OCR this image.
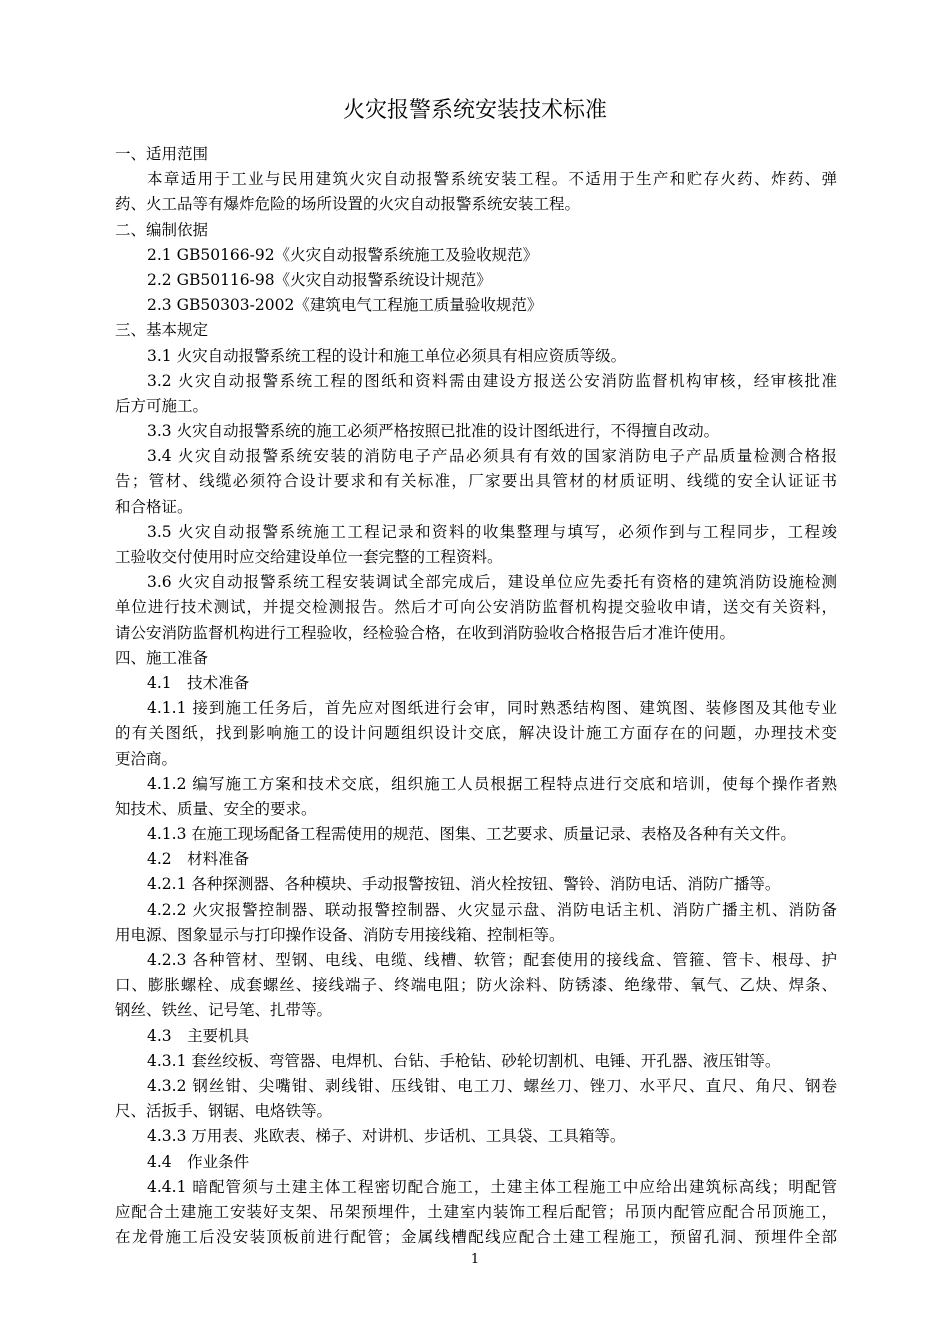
火灾报警系统安装技术标准
一、适用范围
本章适用于工业与民用建筑火灾自动报警系统安装工程。不适用于生产和贮存火药、炸药、弹
药、火工品等有爆炸危险的场所设置的火灾自动报警系统安装工程。
二、编制依据
2.1 GB50166-92《火灾自动报警系统施工及验收规范》
2.2 GB50116-98《火灾自动报警系统设计规范》
2.3 GB50303-2002《建筑电气工程施工质量验收规范》
三、基本规定
3.1 火灾自动报警系统工程的设计和施工单位必须具有相应资质等级。
3.2 火灾自动报警系统工程的图纸和资料需由建设方报送公安消防监督机构审核，经审核批准
后方可施工。
3.3 火灾自动报警系统的施工必须严格按照已批准的设计图纸进行，不得擅自改动。
3.4 火灾自动报警系统安装的消防电子产品必须具有有效的国家消防电子产品质量检测合格报
告；管材、线缆必须符合设计要求和有关标准，厂家要出具管材的材质证明、线缆的安全认证证书
和合格证。
3.5 火灾自动报警系统施工工程记录和资料的收集整理与填写，必须作到与工程同步，工程竣
工验收交付使用时应交给建设单位一套完整的工程资料。
3.6 火灾自动报警系统工程安装调试全部完成后，建设单位应先委托有资格的建筑消防设施检测
单位进行技术测试，并提交检测报告。然后才可向公安消防监督机构提交验收申请，送交有关资料，
请公安消防监督机构进行工程验收，经检验合格，在收到消防验收合格报告后才准许使用。
四、施工准备
4.1　技术准备
4.1.1 接到施工任务后，首先应对图纸进行会审，同时熟悉结构图、建筑图、装修图及其他专业
的有关图纸，找到影响施工的设计问题组织设计交底，解决设计施工方面存在的问题，办理技术变
更洽商。
4.1.2 编写施工方案和技术交底，组织施工人员根据工程特点进行交底和培训，使每个操作者熟
知技术、质量、安全的要求。
4.1.3 在施工现场配备工程需使用的规范、图集、工艺要求、质量记录、表格及各种有关文件。
4.2　材料准备
4.2.1 各种探测器、各种模块、手动报警按钮、消火栓按钮、警铃、消防电话、消防广播等。
4.2.2 火灾报警控制器、联动报警控制器、火灾显示盘、消防电话主机、消防广播主机、消防备
用电源、图象显示与打印操作设备、消防专用接线箱、控制柜等。
4.2.3 各种管材、型钢、电线、电缆、线槽、软管；配套使用的接线盒、管箍、管卡、根母、护
口、膨胀螺栓、成套螺丝、接线端子、终端电阻；防火涂料、防锈漆、绝缘带、氧气、乙炔、焊条、
钢丝、铁丝、记号笔、扎带等。
4.3　主要机具
4.3.1 套丝绞板、弯管器、电焊机、台钻、手枪钻、砂轮切割机、电锤、开孔器、液压钳等。
4.3.2 钢丝钳、尖嘴钳、剥线钳、压线钳、电工刀、螺丝刀、锉刀、水平尺、直尺、角尺、钢卷
尺、活扳手、钢锯、电烙铁等。
4.3.3 万用表、兆欧表、梯子、对讲机、步话机、工具袋、工具箱等。
4.4　作业条件
4.4.1 暗配管须与土建主体工程密切配合施工，土建主体工程施工中应给出建筑标高线；明配管
应配合土建施工安装好支架、吊架预埋件，土建室内装饰工程后配管；吊顶内配管应配合吊顶施工，
在龙骨施工后没安装顶板前进行配管；金属线槽配线应配合土建工程施工，预留孔洞、预埋件全部
1
